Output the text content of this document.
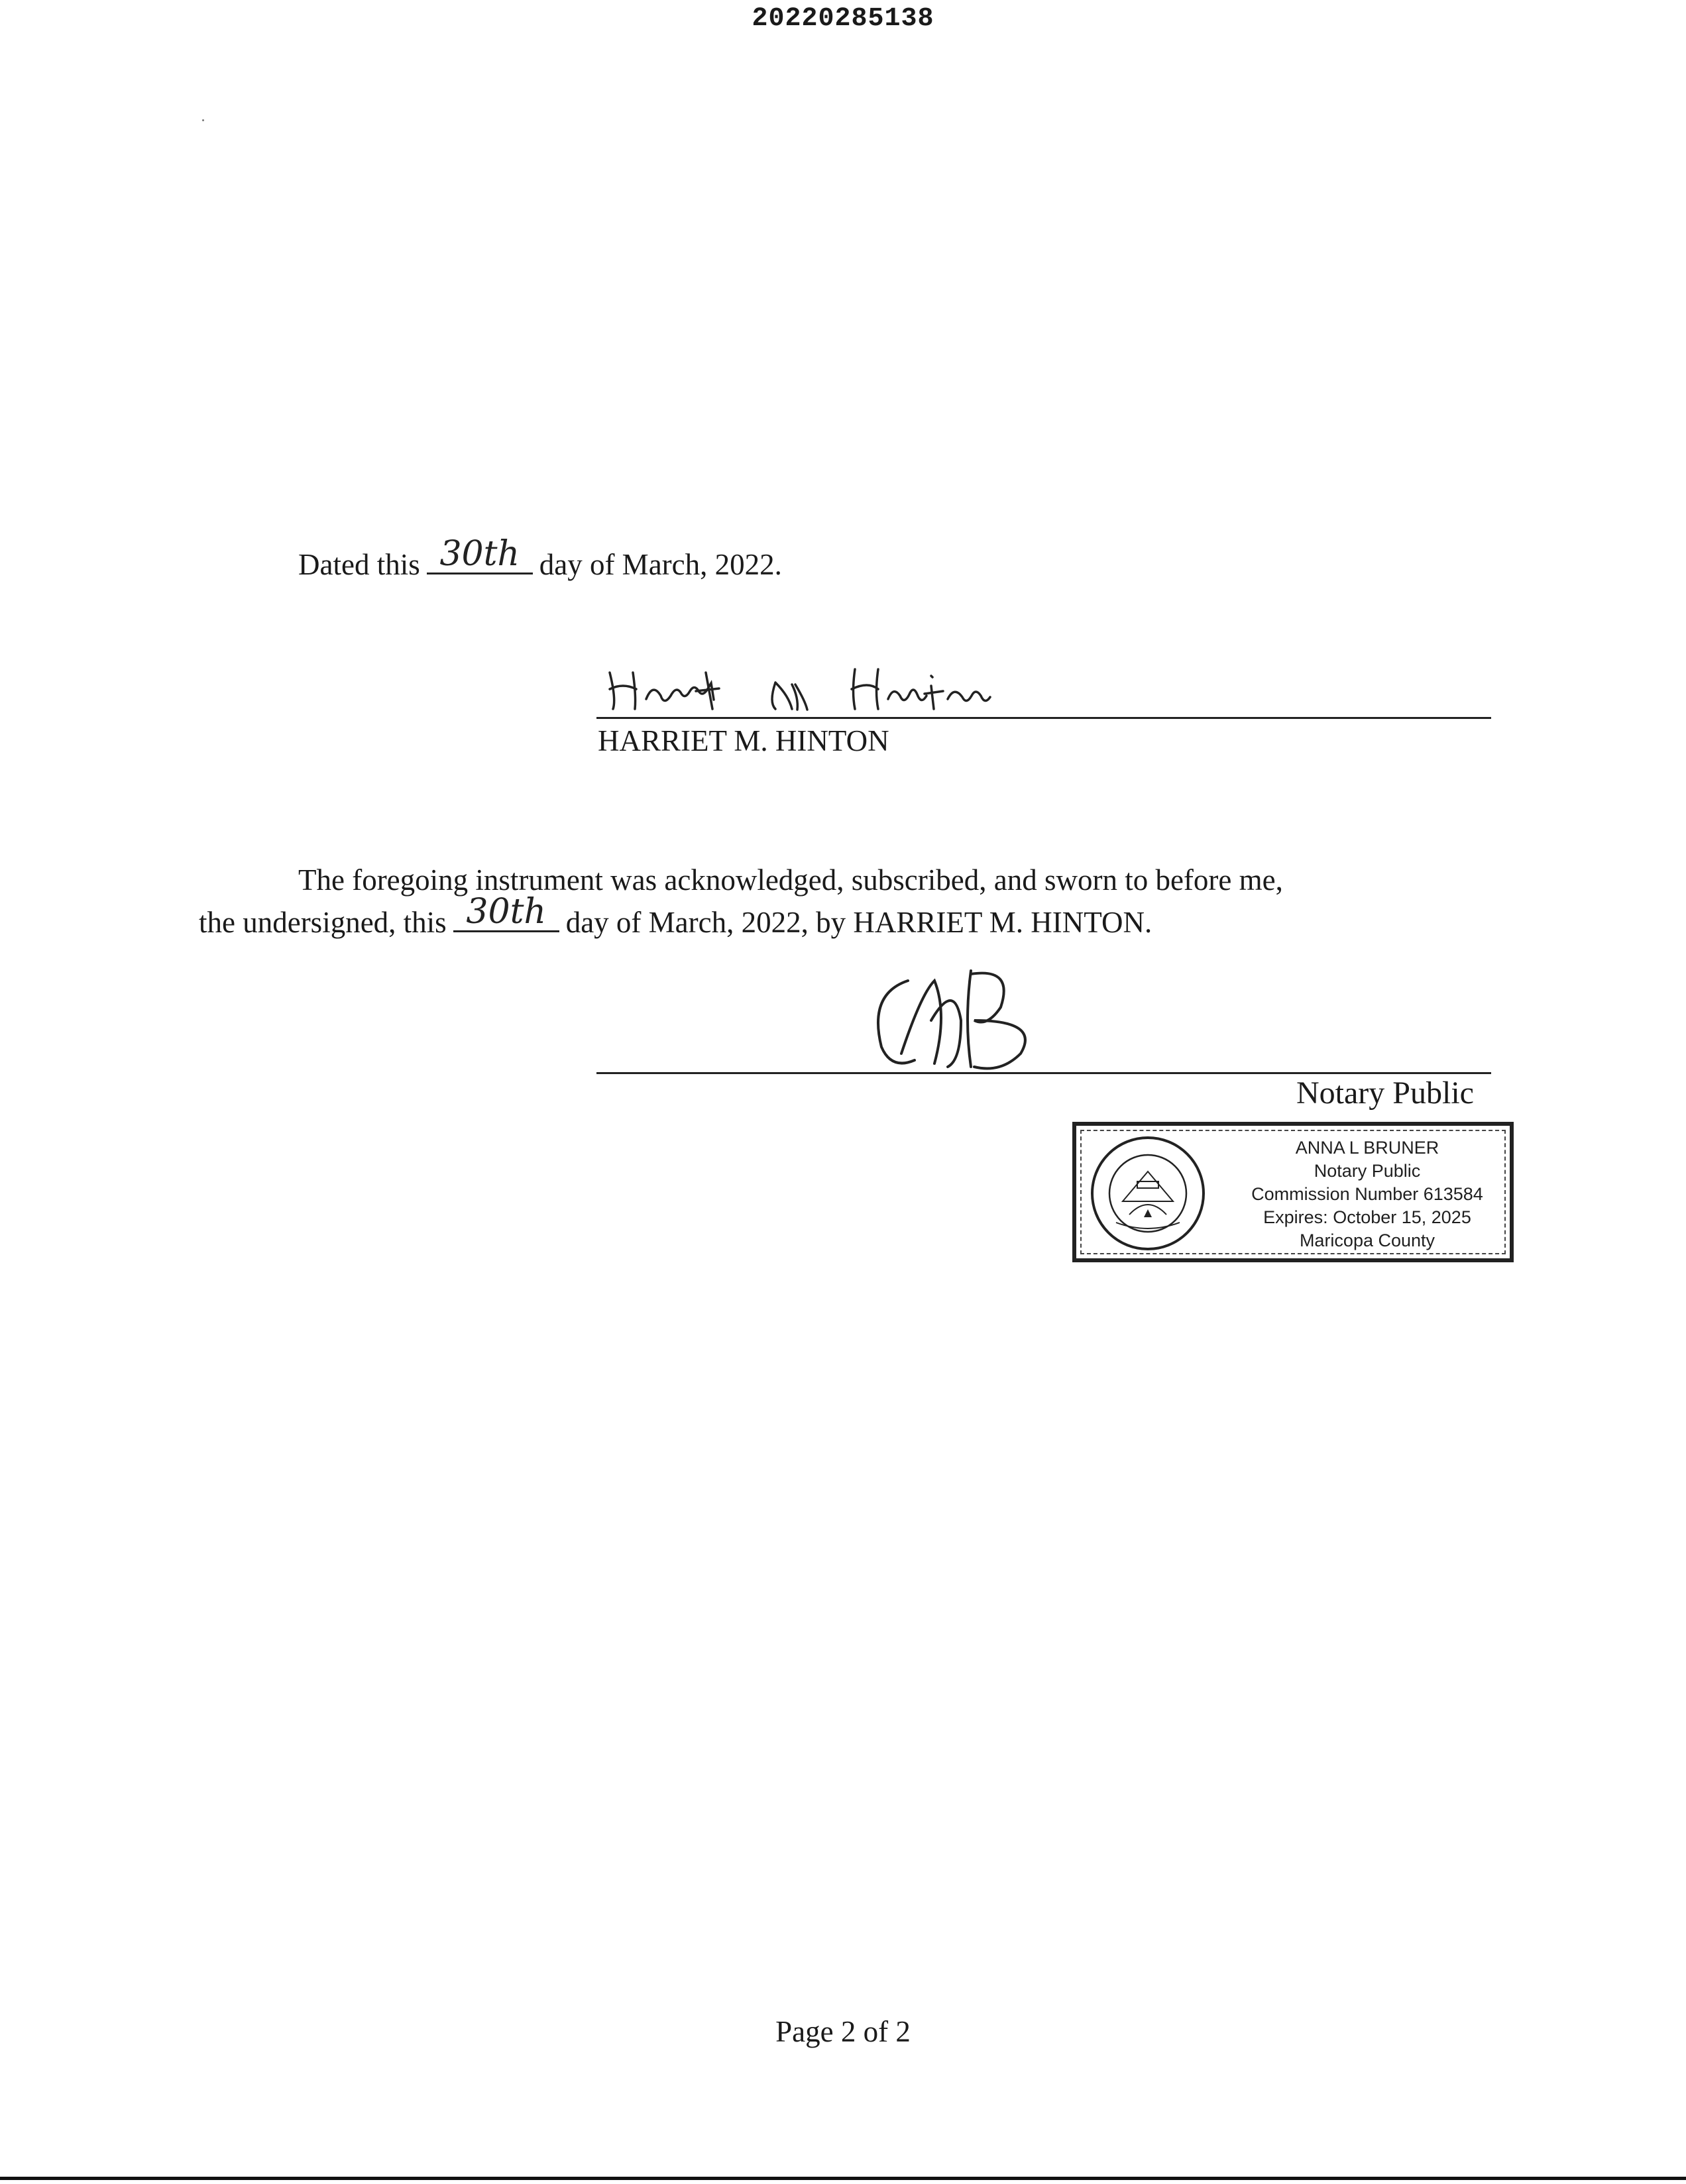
20220285138
Dated this 30th day of March, 2022.
HARRIET M. HINTON
The foregoing instrument was acknowledged, subscribed, and sworn to before me,
the undersigned, this 30th day of March, 2022, by HARRIET M. HINTON.
Notary Public
ANNA L BRUNER
Notary Public
Commission Number 613584
Expires: October 15, 2025
Maricopa County
Page 2 of 2
